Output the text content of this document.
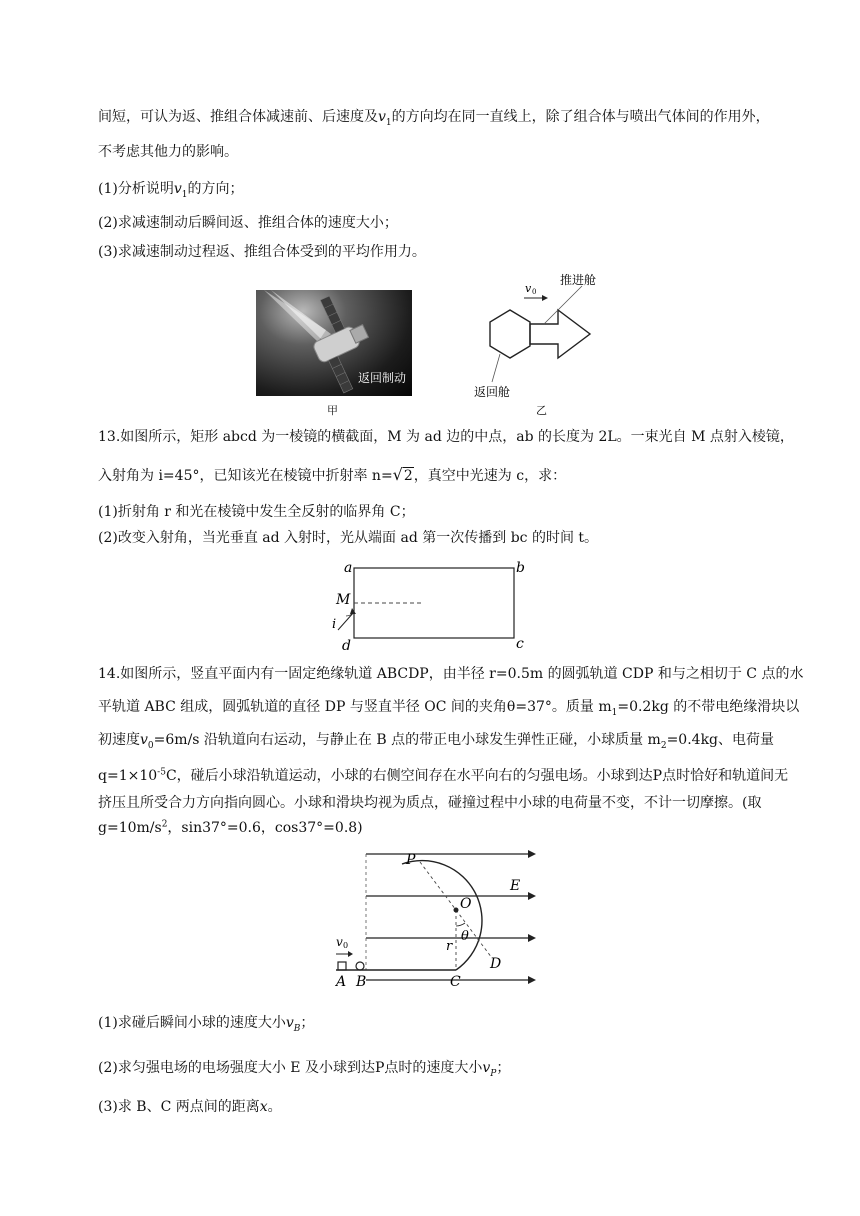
间短，可认为返、推组合体减速前、后速度及$v_1$的方向均在同一直线上，除了组合体与喷出气体间的作用外，
不考虑其他力的影响。
(1)分析说明$v_1$的方向；
(2)求减速制动后瞬间返、推组合体的速度大小；
(3)求减速制动过程返、推组合体受到的平均作用力。
返回制动
甲
v 0
推进舱
返回舱
乙
13.如图所示，矩形 abcd 为一棱镜的横截面，M 为 ad 边的中点，ab 的长度为 2L。一束光自 M 点射入棱镜，
入射角为 i=45°，已知该光在棱镜中折射率 n=√2，真空中光速为 c，求：
(1)折射角 r 和光在棱镜中发生全反射的临界角 C；
(2)改变入射角，当光垂直 ad 入射时，光从端面 ad 第一次传播到 bc 的时间 t。
a	b
c
d
M
i
14.如图所示，竖直平面内有一固定绝缘轨道 ABCDP，由半径 r=0.5m 的圆弧轨道 CDP 和与之相切于 C 点的水
平轨道 ABC 组成，圆弧轨道的直径 DP 与竖直半径 OC 间的夹角θ=37°。质量 $m_1=0.2kg$ 的不带电绝缘滑块以
初速度$v_0=6m/s$ 沿轨道向右运动，与静止在 B 点的带正电小球发生弹性正碰，小球质量 $m_2=0.4kg$、电荷量
$q=1\times 10^{-5}C$，碰后小球沿轨道运动，小球的右侧空间存在水平向右的匀强电场。小球到达P点时恰好和轨道间无
挤压且所受合力方向指向圆心。小球和滑块均视为质点，碰撞过程中小球的电荷量不变，不计一切摩擦。(取
$g=10m/s^2$，sin37°=0.6，cos37°=0.8)
v 0
P
E
O
θ
r
D
C
A B
(1)求碰后瞬间小球的速度大小$v_B$；
(2)求匀强电场的电场强度大小 E 及小球到达P点时的速度大小$v_P$；
(3)求 B、C 两点间的距离x。
